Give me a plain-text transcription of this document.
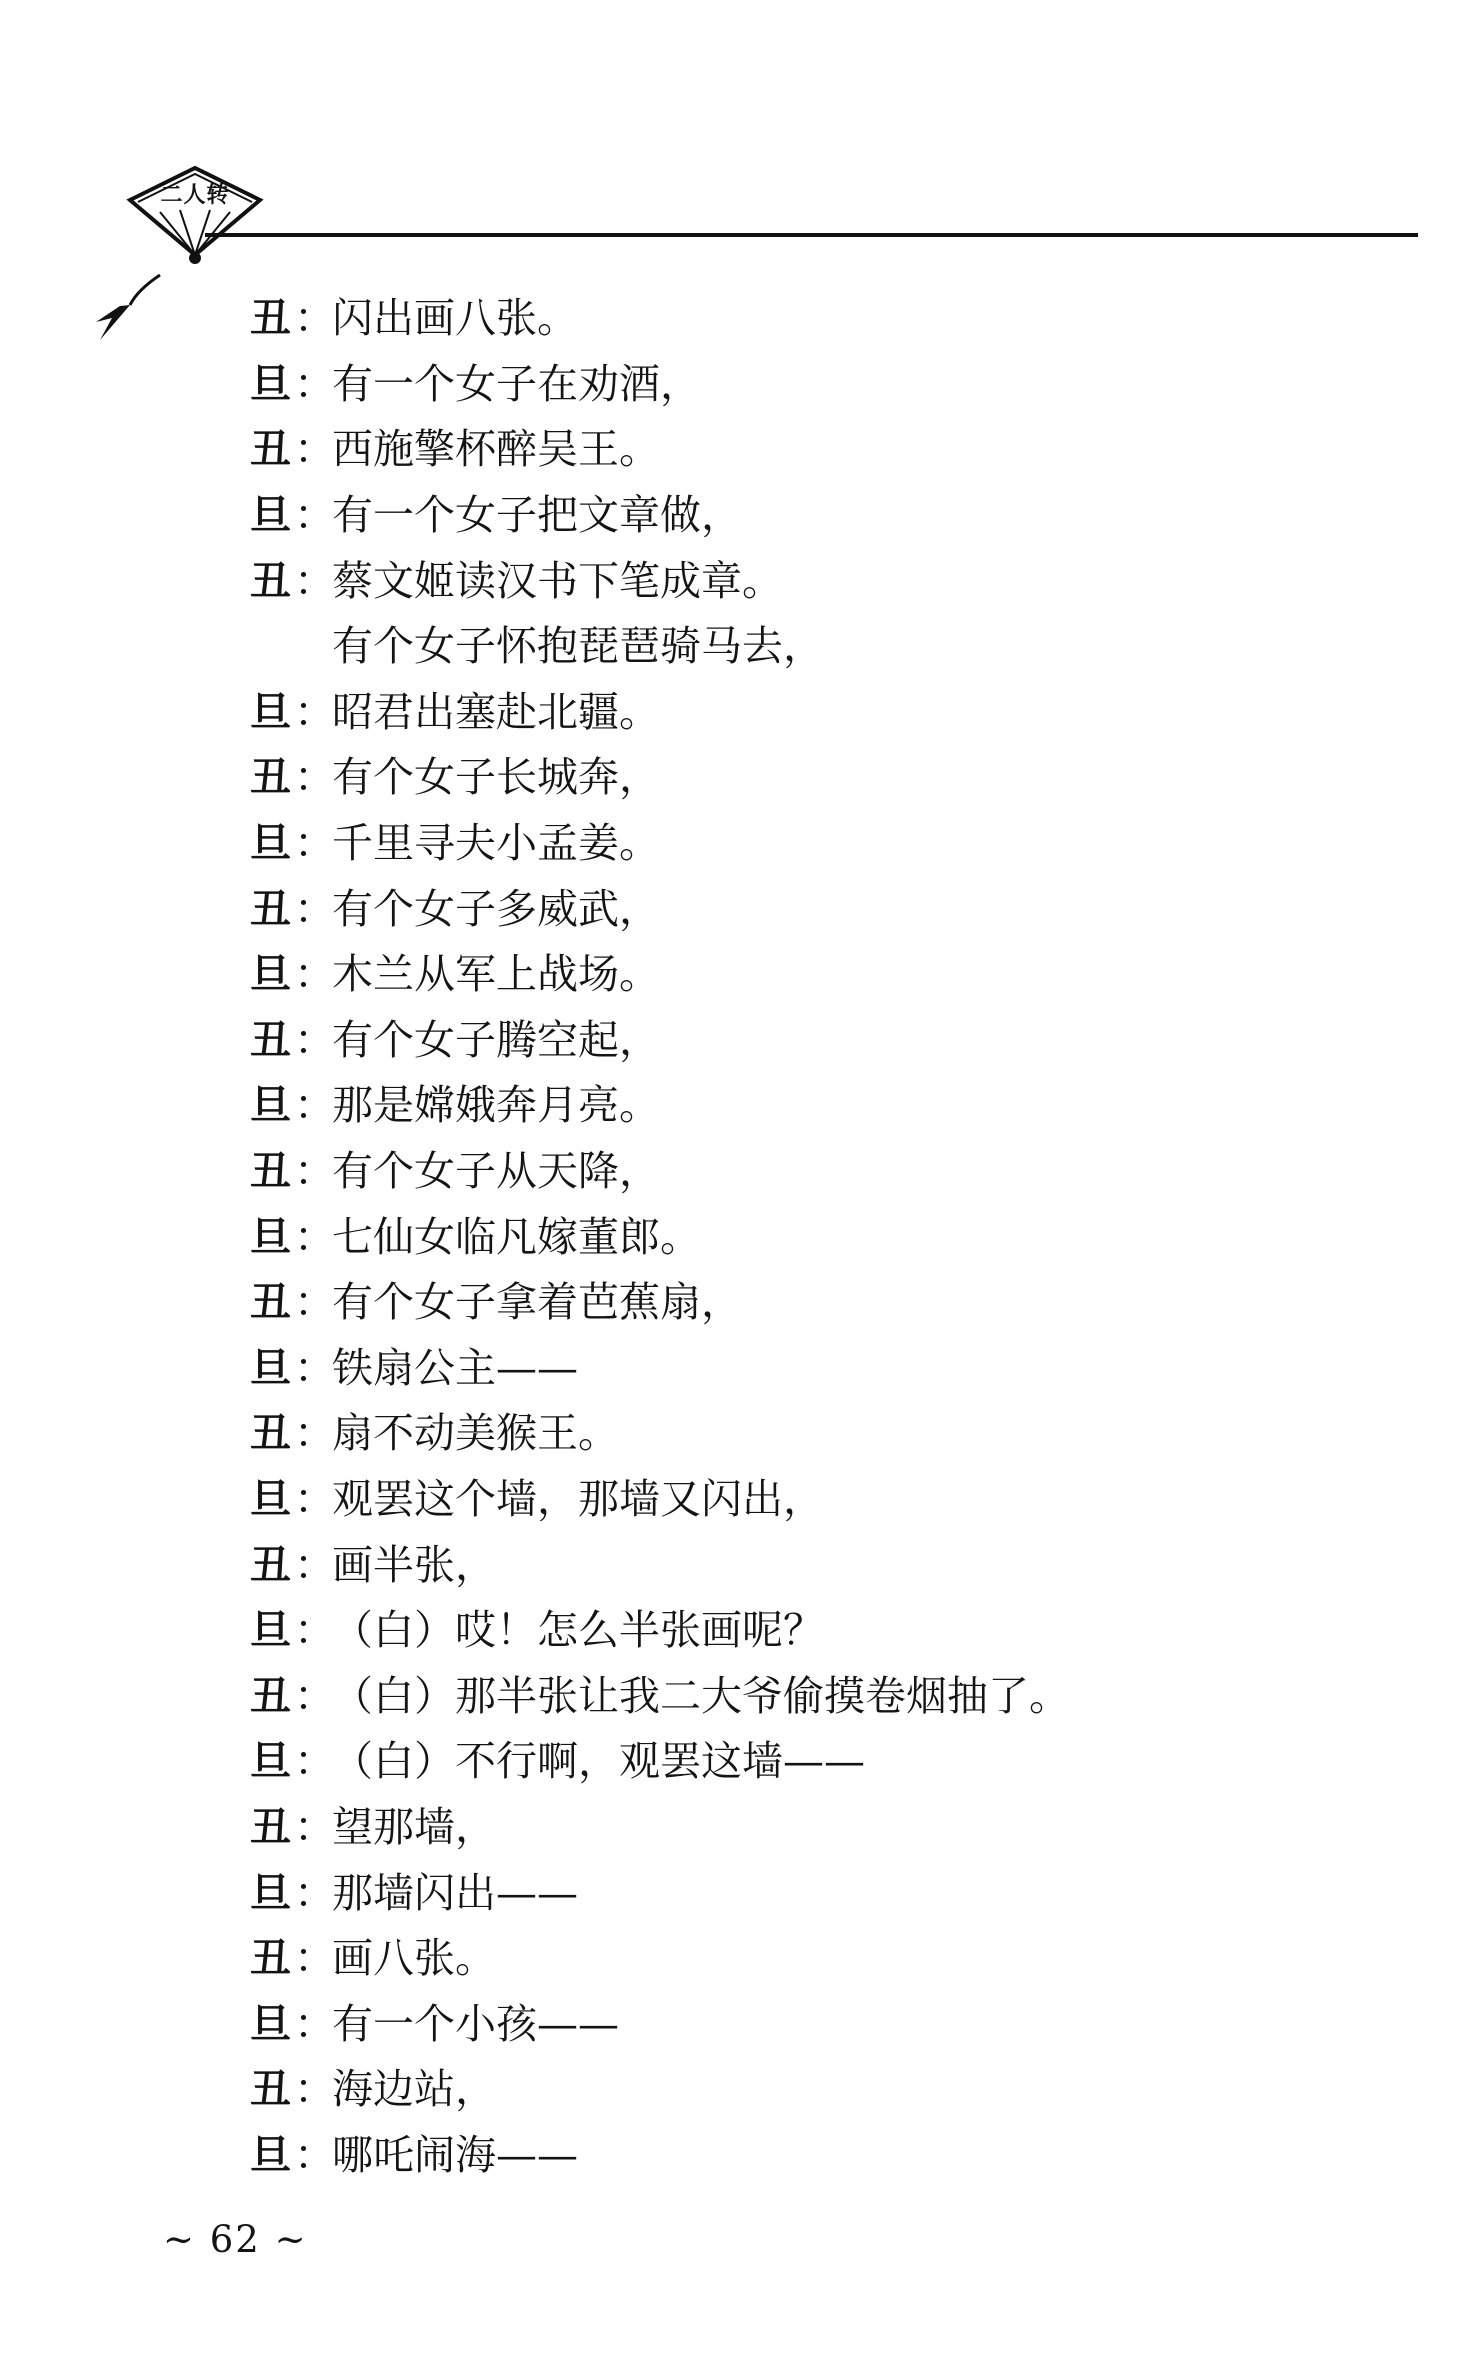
二人转
丑 ：
闪出画八张。
旦 ：
有一个女子在劝酒，
丑 ：
西施擎杯醉吴王。
旦 ：
有一个女子把文章做，
丑 ：
蔡文姬读汉书下笔成章。
有个女子怀抱琵琶骑马去，
旦 ：
昭君出塞赴北疆。
丑 ：
有个女子长城奔，
旦 ：
千里寻夫小孟姜。
丑 ：
有个女子多威武，
旦 ：
木兰从军上战场。
丑 ：
有个女子腾空起，
旦 ：
那是嫦娥奔月亮。
丑 ：
有个女子从天降，
旦 ：
七仙女临凡嫁董郎。
丑 ：
有个女子拿着芭蕉扇，
旦 ：
铁扇公主——
丑 ：
扇不动美猴王。
旦 ：
观罢这个墙，那墙又闪出，
丑 ：
画半张，
旦 ：
（白）哎！怎么半张画呢？
丑 ：
（白）那半张让我二大爷偷摸卷烟抽了。
旦 ：
（白）不行啊，观罢这墙——
丑 ：
望那墙，
旦 ：
那墙闪出——
丑 ：
画八张。
旦 ：
有一个小孩——
丑 ：
海边站，
旦 ：
哪吒闹海——
~ 62 ~
